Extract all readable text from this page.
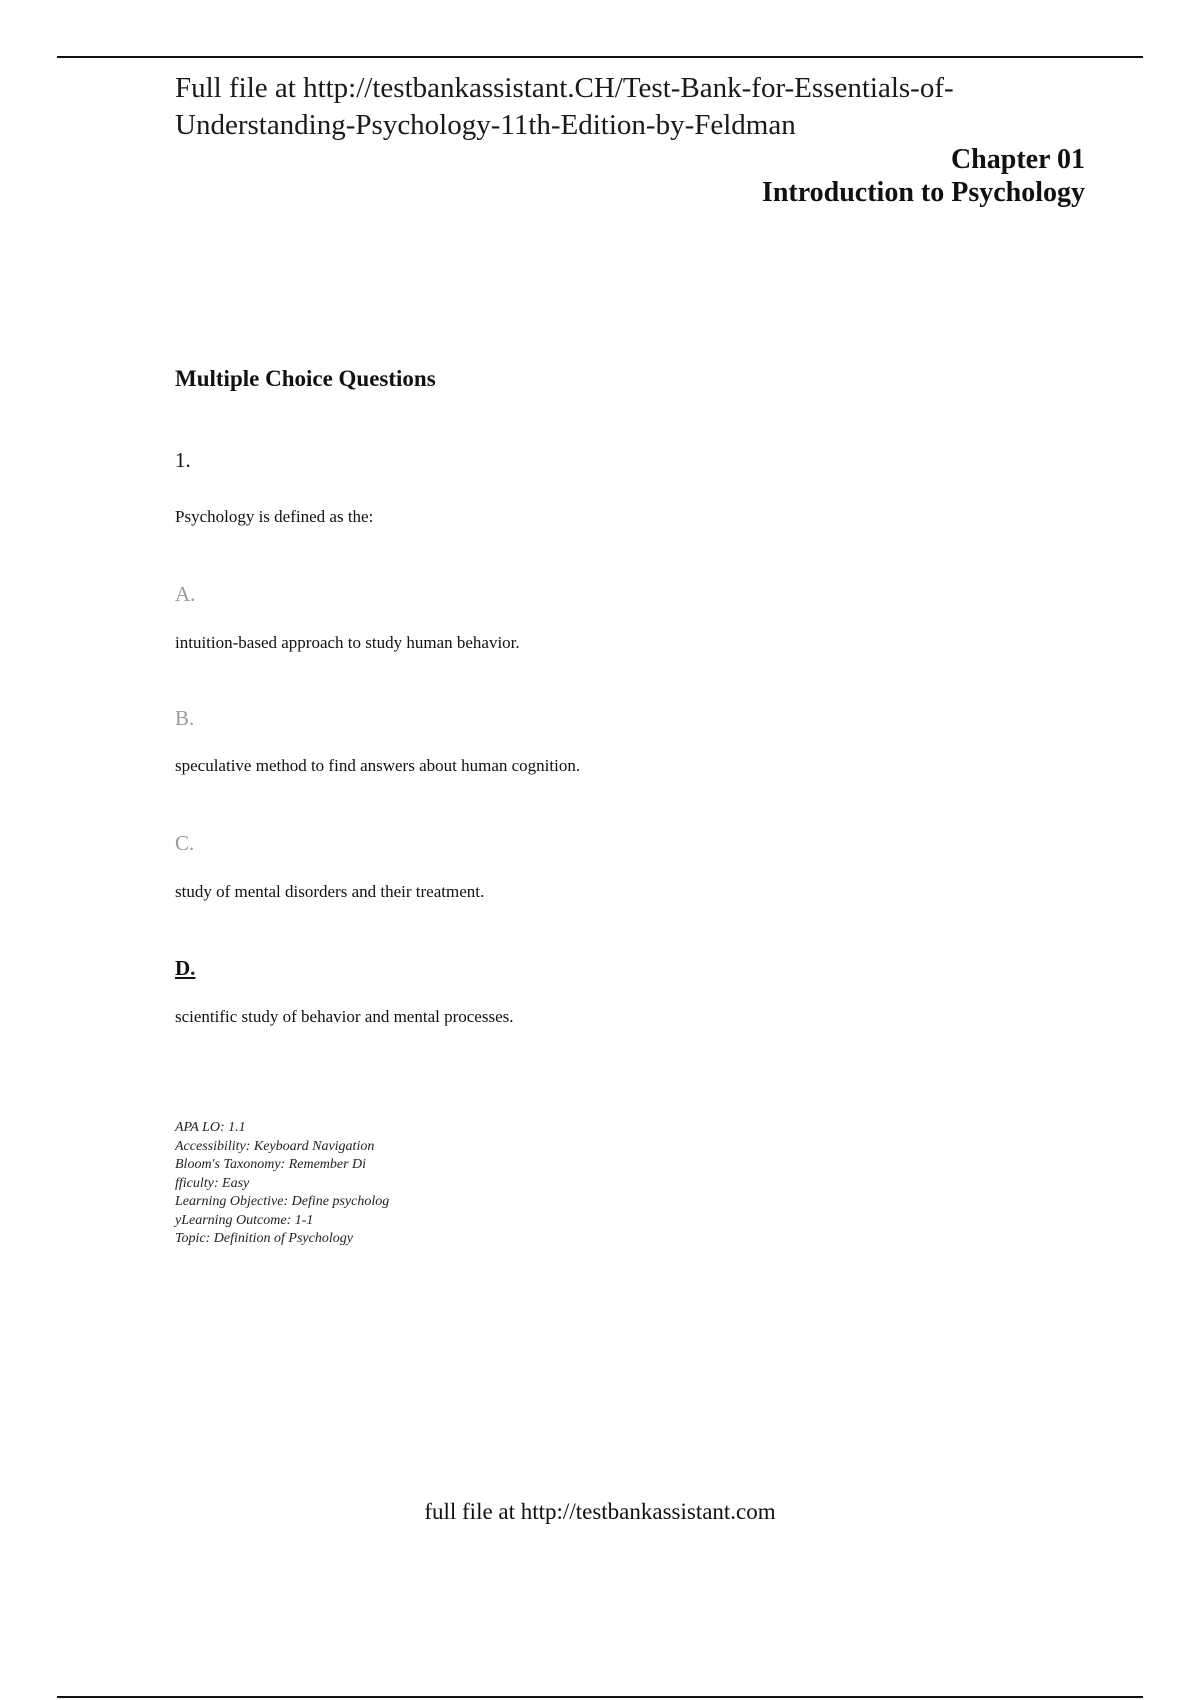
Full file at http://testbankassistant.CH/Test-Bank-for-Essentials-of-Understanding-Psychology-11th-Edition-by-Feldman
Chapter 01
Introduction to Psychology
Multiple Choice Questions
1.
Psychology is defined as the:
A.
intuition-based approach to study human behavior.
B.
speculative method to find answers about human cognition.
C.
study of mental disorders and their treatment.
D.
scientific study of behavior and mental processes.
APA LO: 1.1
Accessibility: Keyboard Navigation
Bloom's Taxonomy: Remember Di
fficulty: Easy
Learning Objective: Define psycholog
yLearning Outcome: 1-1
Topic: Definition of Psychology
full file at http://testbankassistant.com
